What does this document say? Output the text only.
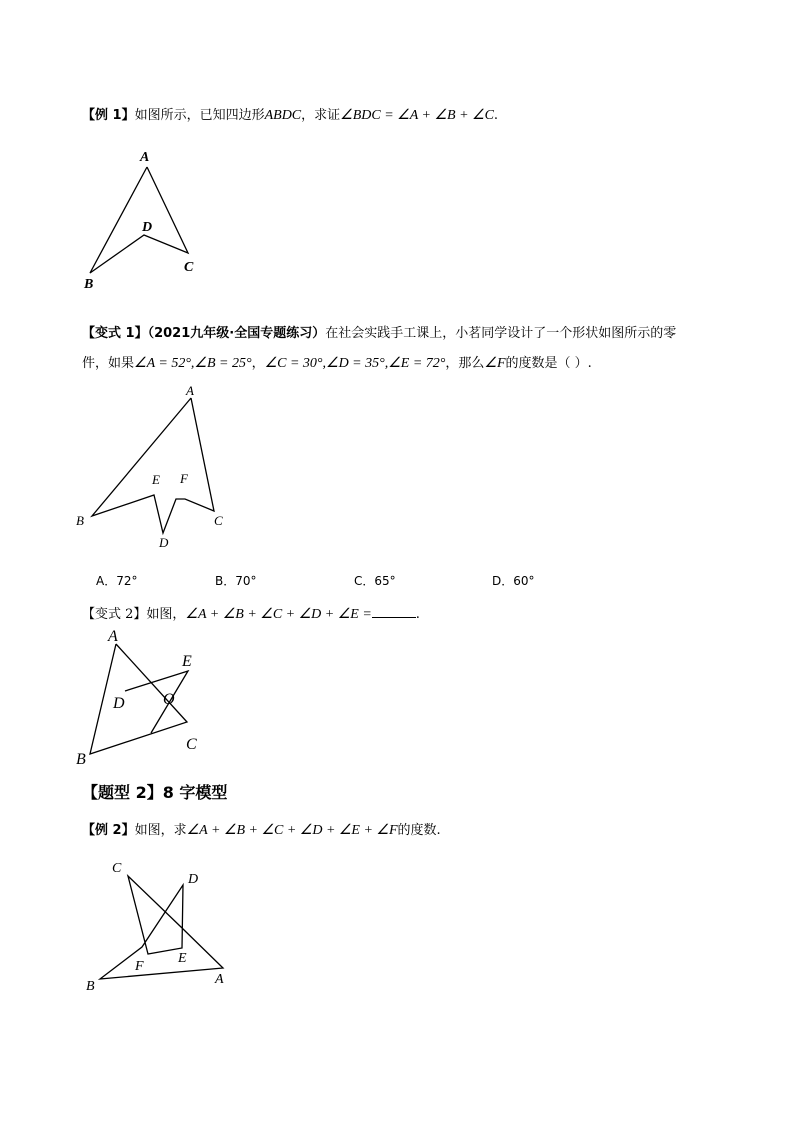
【例 1】如图所示，已知四边形ABDC，求证∠BDC = ∠A + ∠B + ∠C.
A
B
C
D
【变式 1】（2021九年级·全国专题练习）在社会实践手工课上，小茗同学设计了一个形状如图所示的零
件，如果∠A = 52°,∠B = 25°，∠C = 30°,∠D = 35°,∠E = 72°，那么∠F的度数是（ ）.
A
B	C
D
E F
A．72°	B．70°	C．65°	D．60°
【变式 2】如图，∠A + ∠B + ∠C + ∠D + ∠E =	.
A
B
C
D
E
O
【题型 2】8 字模型
【例 2】如图，求∠A + ∠B + ∠C + ∠D + ∠E + ∠F的度数.
C
D
B	A
F
E
